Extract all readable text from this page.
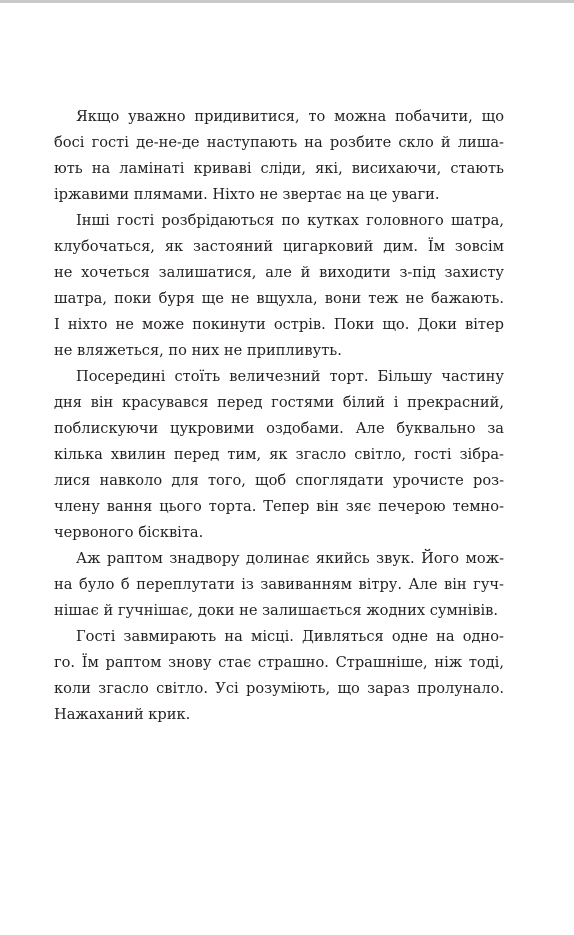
Якщо уважно придивитися, то можна побачити, що
босі гості де-не-де наступають на розбите скло й лиша-
ють на ламінаті криваві сліди, які, висихаючи, стають
іржавими плямами. Ніхто не звертає на це уваги.
Інші гості розбрідаються по кутках головного шатра,
клубочаться, як застояний цигарковий дим. Їм зовсім
не хочеться залишатися, але й виходити з-під захисту
шатра, поки буря ще не вщухла, вони теж не бажають.
І ніхто не може покинути острів. Поки що. Доки вітер
не вляжеться, по них не припливуть.
Посередині стоїть величезний торт. Більшу частину
дня він красувався перед гостями білий і прекрасний,
поблискуючи цукровими оздобами. Але буквально за
кілька хвилин перед тим, як згасло світло, гості зібра-
лися навколо для того, щоб споглядати урочисте роз-
члену вання цього торта. Тепер він зяє печерою темно-
червоного бісквіта.
Аж раптом знадвору долинає якийсь звук. Його мож-
на було б переплутати із завиванням вітру. Але він гуч-
нішає й гучнішає, доки не залишається жодних сумнівів.
Гості завмирають на місці. Дивляться одне на одно-
го. Їм раптом знову стає страшно. Страшніше, ніж тоді,
коли згасло світло. Усі розуміють, що зараз пролунало.
Нажаханий крик.
